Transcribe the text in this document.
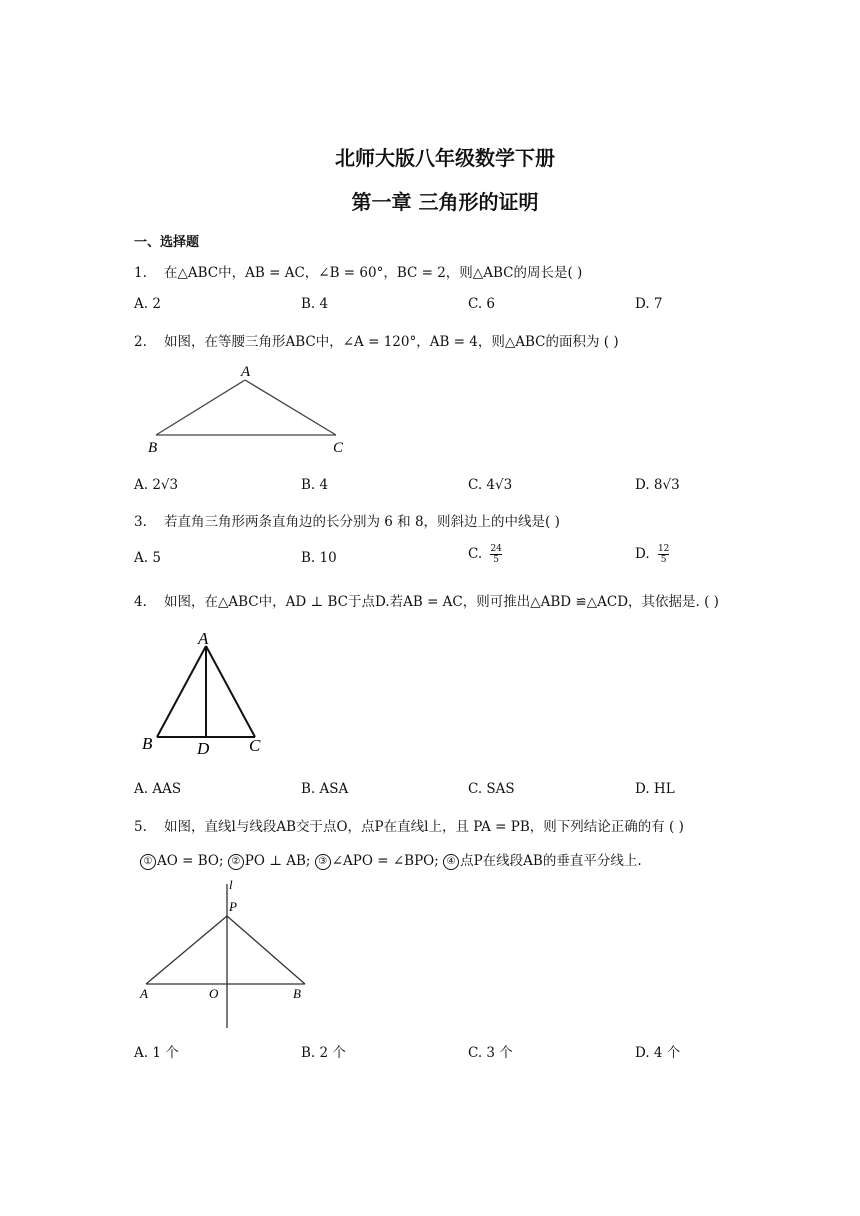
北师大版八年级数学下册
第一章 三角形的证明
一、选择题
1. 在△ABC中，AB = AC，∠B = 60°，BC = 2，则△ABC的周长是( )
A. 2	B. 4	C. 6	D. 7
2. 如图，在等腰三角形ABC中，∠A = 120°，AB = 4，则△ABC的面积为 ( )
A
B	C
A. 2√3	B. 4	C. 4√3	D. 8√3
3. 若直角三角形两条直角边的长分别为 6 和 8，则斜边上的中线是( )
A. 5	B. 10	C. $\frac{24}{5}$	D. $\frac{12}{5}$
4. 如图，在△ABC中，AD ⊥ BC于点D.若AB = AC，则可推出△ABD ≌△ACD，其依据是. ( )
A
B	D C
A. AAS	B. ASA	C. SAS	D. HL
5. 如图，直线l与线段AB交于点O，点P在直线l上，且 PA = PB，则下列结论正确的有 ( )
① AO = BO; ② PO ⊥ AB; ③ ∠APO = ∠BPO; ④ 点P在线段AB的垂直平分线上.
l
P
A	O	B
A. 1 个	B. 2 个	C. 3 个	D. 4 个
